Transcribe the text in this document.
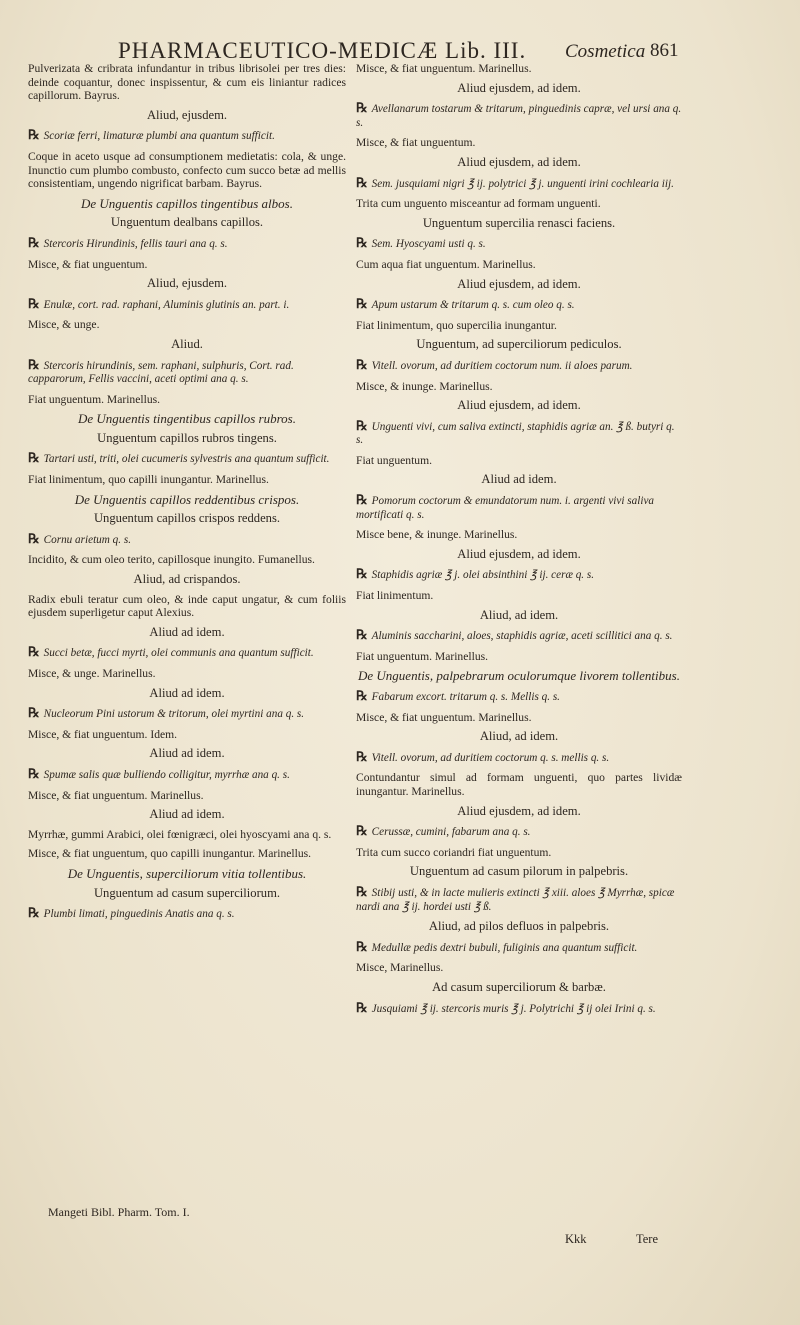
PHARMACEUTICO-MEDICÆ Lib. III. Cosmetica 861
Pulverizata & cribrata infundantur in tribus librisolei per tres dies: deinde coquantur, donec inspissentur, & cum eis liniantur radices capillorum. Bayrus.
Aliud, ejusdem.
℞ Scoriæ ferri, limaturæ plumbi ana quantum sufficit.
Coque in aceto usque ad consumptionem medietatis: cola, & unge. Inunctio cum plumbo combusto, confecto cum succo betæ ad mellis consistentiam, ungendo nigrificat barbam. Bayrus.
De Unguentis capillos tingentibus albos.
Unguentum dealbans capillos.
℞ Stercoris Hirundinis, fellis tauri ana q. s.
Misce, & fiat unguentum.
Aliud, ejusdem.
℞ Enulæ, cort. rad. raphani, Aluminis glutinis an. part. i.
Misce, & unge.
Aliud.
℞ Stercoris hirundinis, sem. raphani, sulphuris, Cort. rad. capparorum, Fellis vaccini, aceti optimi ana q. s.
Fiat unguentum. Marinellus.
De Unguentis tingentibus capillos rubros.
Unguentum capillos rubros tingens.
℞ Tartari usti, triti, olei cucumeris sylvestris ana quantum sufficit.
Fiat linimentum, quo capilli inungantur. Marinellus.
De Unguentis capillos reddentibus crispos.
Unguentum capillos crispos reddens.
℞ Cornu arietum q. s.
Incidito, & cum oleo terito, capillosque inungito. Fumanellus.
Aliud, ad crispandos.
Radix ebuli teratur cum oleo, & inde caput ungatur, & cum foliis ejusdem superligetur caput Alexius.
Aliud ad idem.
℞ Succi betæ, fucci myrti, olei communis ana quantum sufficit.
Misce, & unge. Marinellus.
Aliud ad idem.
℞ Nucleorum Pini ustorum & tritorum, olei myrtini ana q. s.
Misce, & fiat unguentum. Idem.
Aliud ad idem.
℞ Spumæ salis quæ bulliendo colligitur, myrrhæ ana q. s.
Misce, & fiat unguentum. Marinellus.
Aliud ad idem.
Myrrhæ, gummi Arabici, olei fœnigræci, olei hyoscyami ana q. s.
Misce, & fiat unguentum, quo capilli inungantur. Marinellus.
De Unguentis, superciliorum vitia tollentibus.
Unguentum ad casum superciliorum.
℞ Plumbi limati, pinguedinis Anatis ana q. s.
Misce, & fiat unguentum. Marinellus.
Aliud ejusdem, ad idem.
℞ Avellanarum tostarum & tritarum, pinguedinis capræ, vel ursi ana q. s.
Misce, & fiat unguentum.
Aliud ejusdem, ad idem.
℞ Sem. jusquiami nigri ℥ ij. polytrici ℥ j. unguenti irini cochlearia iij.
Trita cum unguento misceantur ad formam unguenti.
Unguentum supercilia renasci faciens.
℞ Sem. Hyoscyami usti q. s.
Cum aqua fiat unguentum. Marinellus.
Aliud ejusdem, ad idem.
℞ Apum ustarum & tritarum q. s. cum oleo q. s.
Fiat linimentum, quo supercilia inungantur.
Unguentum, ad superciliorum pediculos.
℞ Vitell. ovorum, ad duritiem coctorum num. ii aloes parum.
Misce, & inunge. Marinellus.
Aliud ejusdem, ad idem.
℞ Unguenti vivi, cum saliva extincti, staphidis agriæ an. ℥ ß. butyri q. s.
Fiat unguentum.
Aliud ad idem.
℞ Pomorum coctorum & emundatorum num. i. argenti vivi saliva mortificati q. s.
Misce bene, & inunge. Marinellus.
Aliud ejusdem, ad idem.
℞ Staphidis agriæ ℥ j. olei absinthini ℥ ij. ceræ q. s.
Fiat linimentum.
Aliud, ad idem.
℞ Aluminis saccharini, aloes, staphidis agriæ, aceti scillitici ana q. s.
Fiat unguentum. Marinellus.
De Unguentis, palpebrarum oculorumque livorem tollentibus.
℞ Fabarum excort. tritarum q. s. Mellis q. s.
Misce, & fiat unguentum. Marinellus.
Aliud, ad idem.
℞ Vitell. ovorum, ad duritiem coctorum q. s. mellis q. s.
Contundantur simul ad formam unguenti, quo partes lividæ inungantur. Marinellus.
Aliud ejusdem, ad idem.
℞ Cerussæ, cumini, fabarum ana q. s.
Trita cum succo coriandri fiat unguentum.
Unguentum ad casum pilorum in palpebris.
℞ Stibij usti, & in lacte mulieris extincti ℥ xiii. aloes ℥ Myrrhæ, spicæ nardi ana ℥ ij. hordei usti ℥ ß.
Aliud, ad pilos defluos in palpebris.
℞ Medullæ pedis dextri bubuli, fuliginis ana quantum sufficit.
Misce, Marinellus.
Ad casum superciliorum & barbæ.
℞ Jusquiami ℥ ij. stercoris muris ℥ j. Polytrichi ℥ ij olei Irini q. s.
Mangeti Bibl. Pharm. Tom. I.
Kkk	Tere
